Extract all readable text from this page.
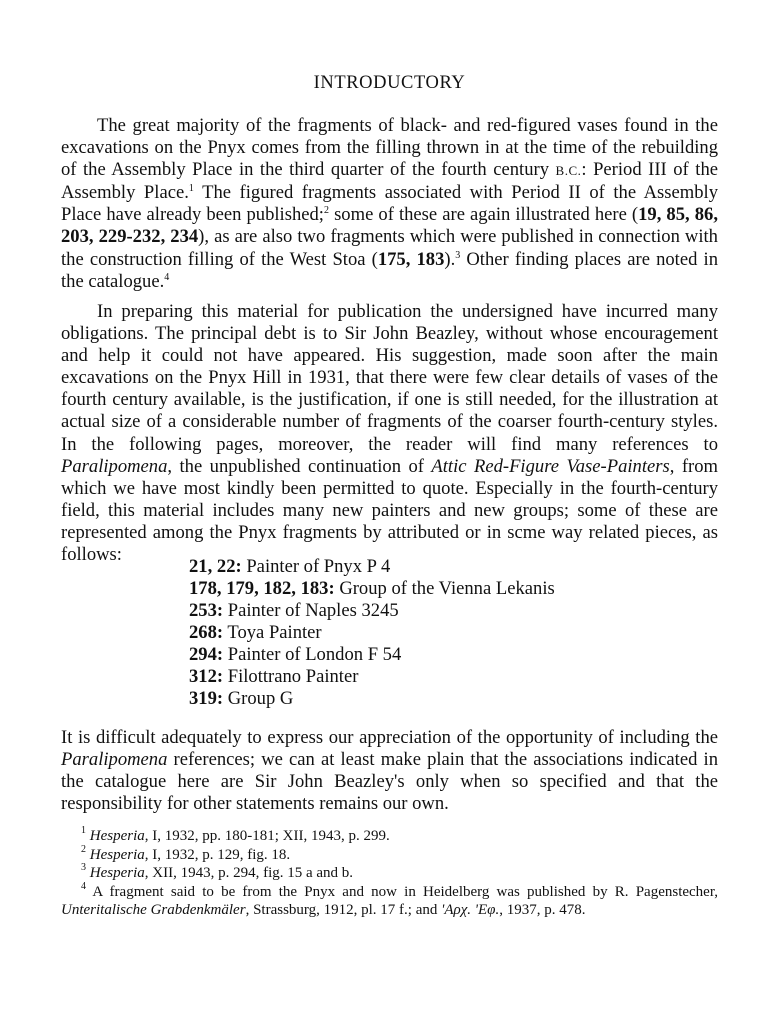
INTRODUCTORY

The great majority of the fragments of black- and red-figured vases found in the excavations on the Pnyx comes from the filling thrown in at the time of the rebuilding of the Assembly Place in the third quarter of the fourth century B.C.: Period III of the Assembly Place.$^1$ The figured fragments associated with Period II of the Assembly Place have already been published;$^2$ some of these are again illustrated here (19, 85, 86, 203, 229-232, 234), as are also two fragments which were published in connection with the construction filling of the West Stoa (175, 183).$^3$ Other finding places are noted in the catalogue.$^4$

In preparing this material for publication the undersigned have incurred many obligations. The principal debt is to Sir John Beazley, without whose encouragement and help it could not have appeared. His suggestion, made soon after the main excavations on the Pnyx Hill in 1931, that there were few clear details of vases of the fourth century available, is the justification, if one is still needed, for the illustration at actual size of a considerable number of fragments of the coarser fourth-century styles. In the following pages, moreover, the reader will find many references to Paralipomena, the unpublished continuation of Attic Red-Figure Vase-Painters, from which we have most kindly been permitted to quote. Especially in the fourth-century field, this material includes many new painters and new groups; some of these are represented among the Pnyx fragments by attributed or in scme way related pieces, as follows:

21, 22: Painter of Pnyx P 4
178, 179, 182, 183: Group of the Vienna Lekanis
253: Painter of Naples 3245
268: Toya Painter
294: Painter of London F 54
312: Filottrano Painter
319: Group G

It is difficult adequately to express our appreciation of the opportunity of including the Paralipomena references; we can at least make plain that the associations indicated in the catalogue here are Sir John Beazley's only when so specified and that the responsibility for other statements remains our own.

$^1$ Hesperia, I, 1932, pp. 180-181; XII, 1943, p. 299.

$^2$ Hesperia, I, 1932, p. 129, fig. 18.

$^3$ Hesperia, XII, 1943, p. 294, fig. 15 a and b.

$^4$ A fragment said to be from the Pnyx and now in Heidelberg was published by R. Pagenstecher, Unteritalische Grabdenkmäler, Strassburg, 1912, pl. 17 f.; and 'Αρχ. 'Εφ., 1937, p. 478.
